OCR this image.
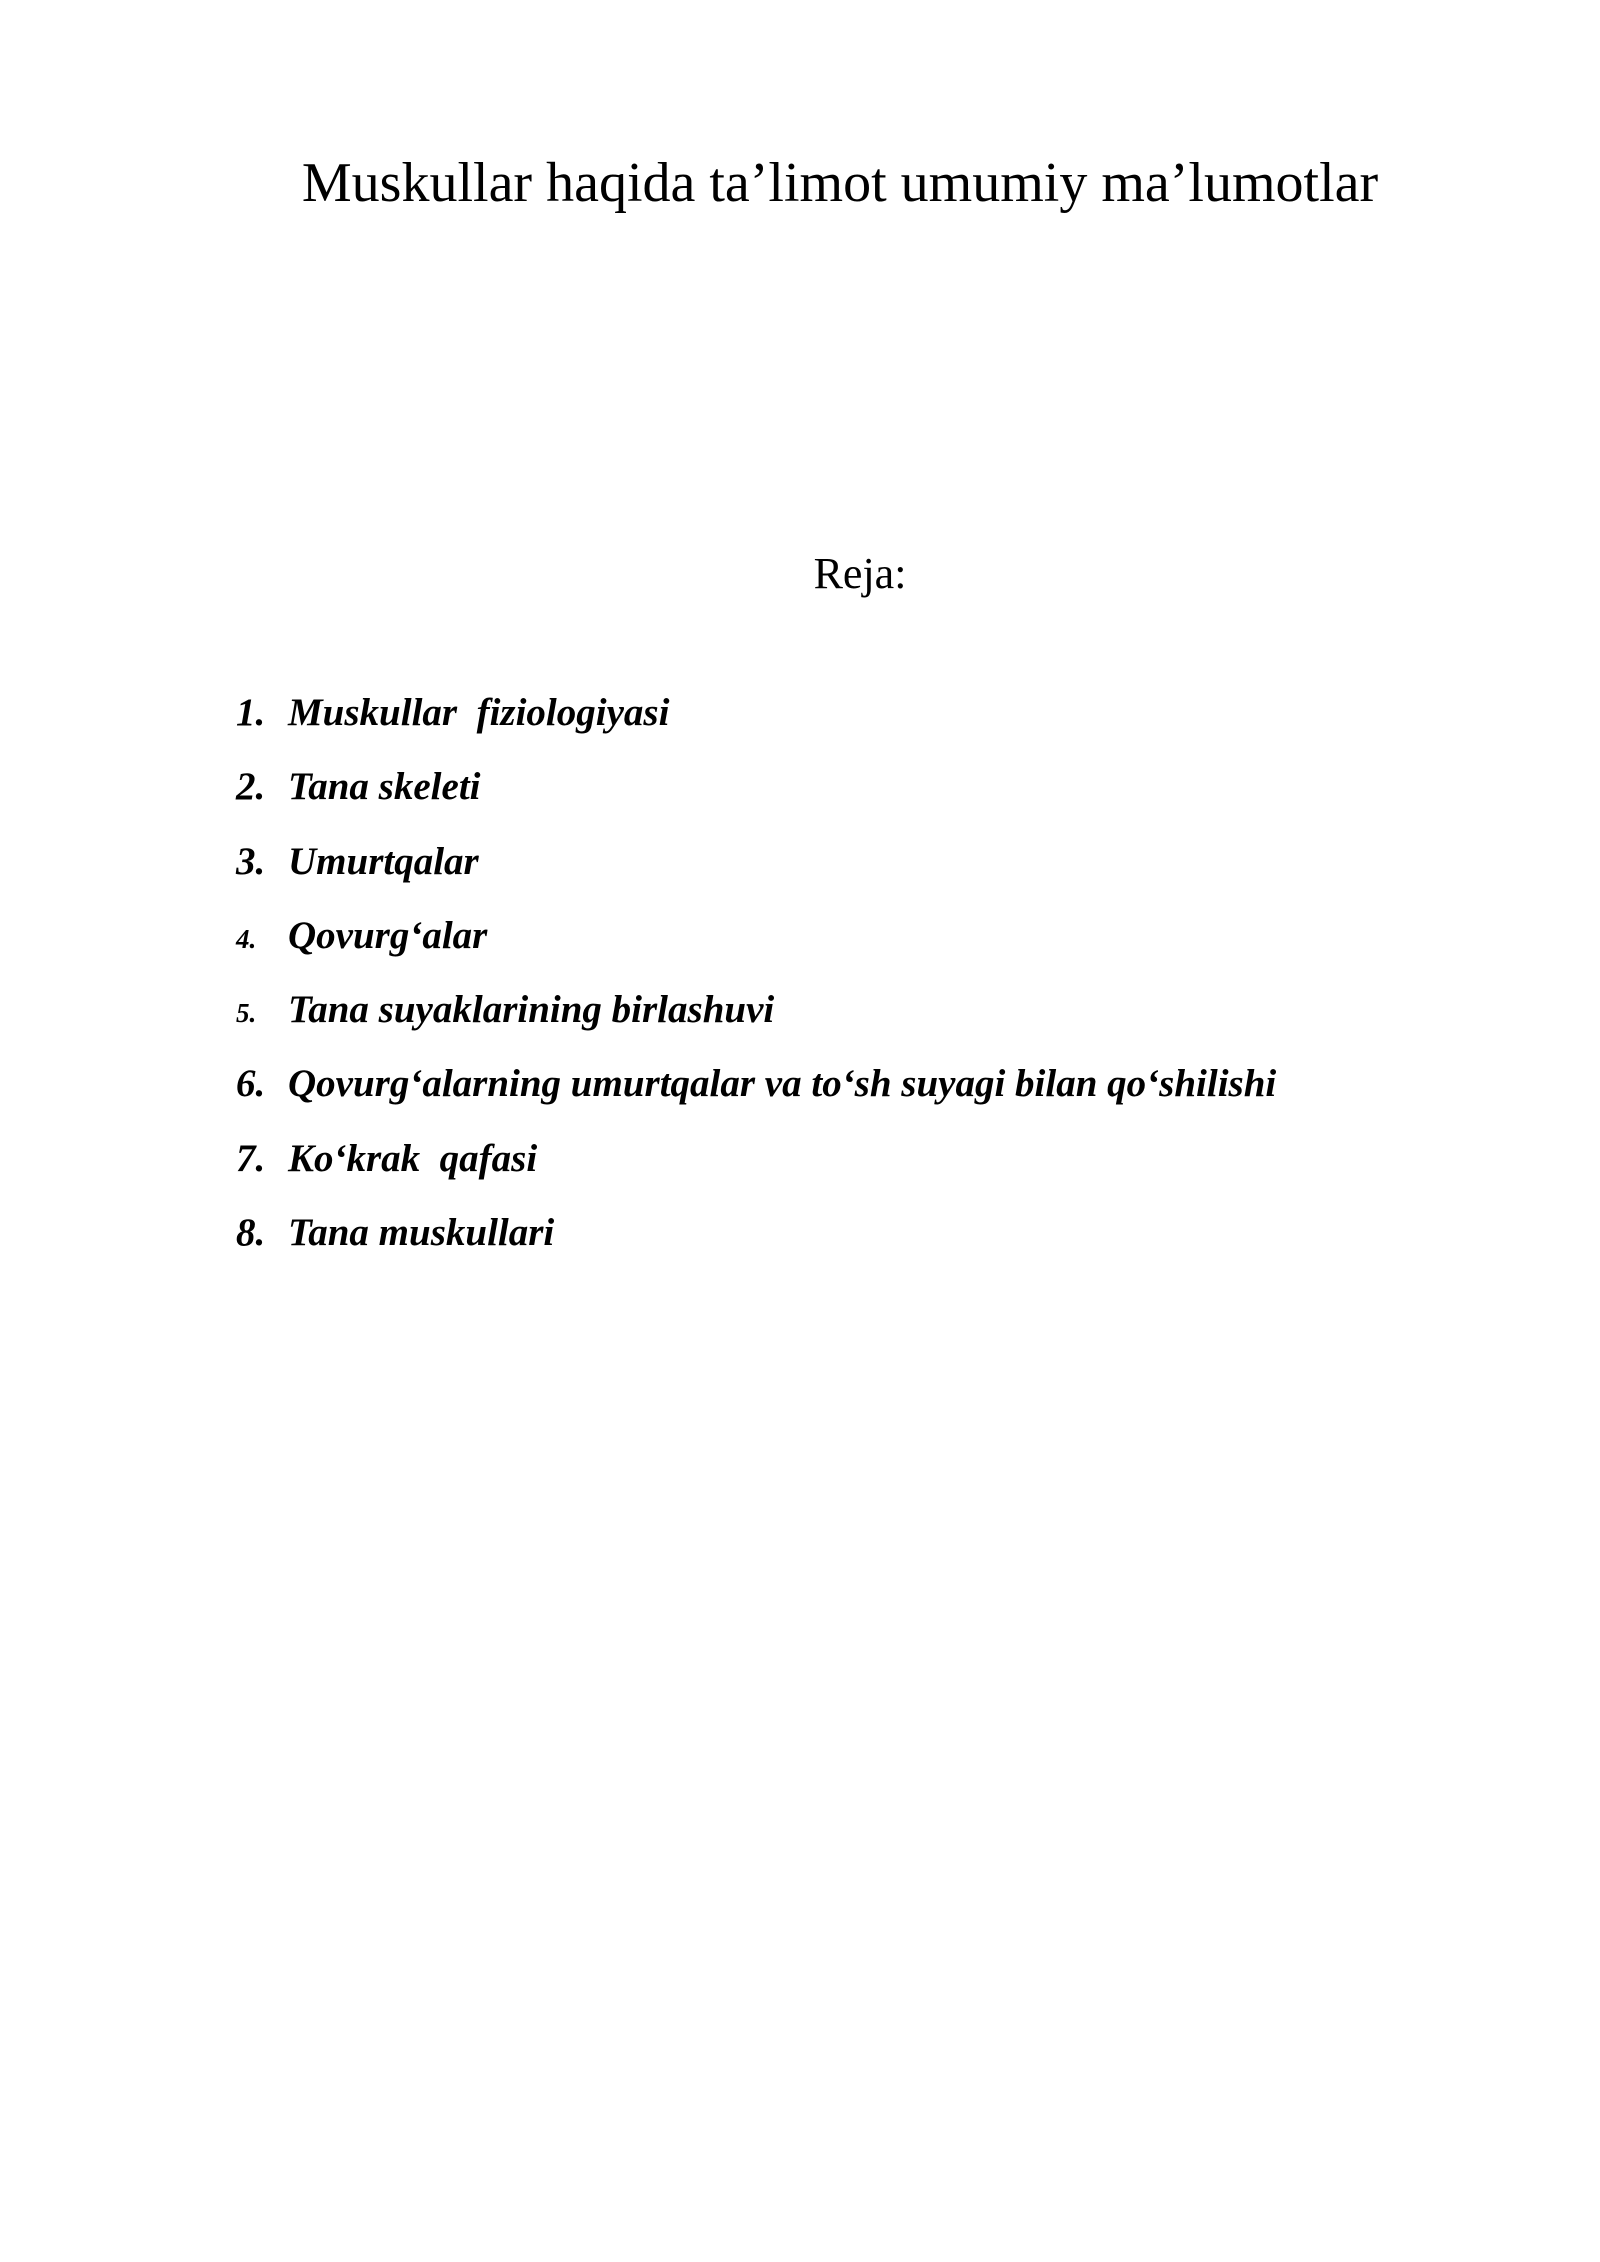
Muskullar haqida ta’limot umumiy ma’lumotlar
Reja:
1. Muskullar  fiziologiyasi
2. Tana skeleti
3. Umurtqalar
4. Qovurg‘alar
5. Tana suyaklarining birlashuvi
6. Qovurg‘alarning umurtqalar va to‘sh suyagi bilan qo‘shilishi
7. Ko‘krak  qafasi
8. Tana muskullari
